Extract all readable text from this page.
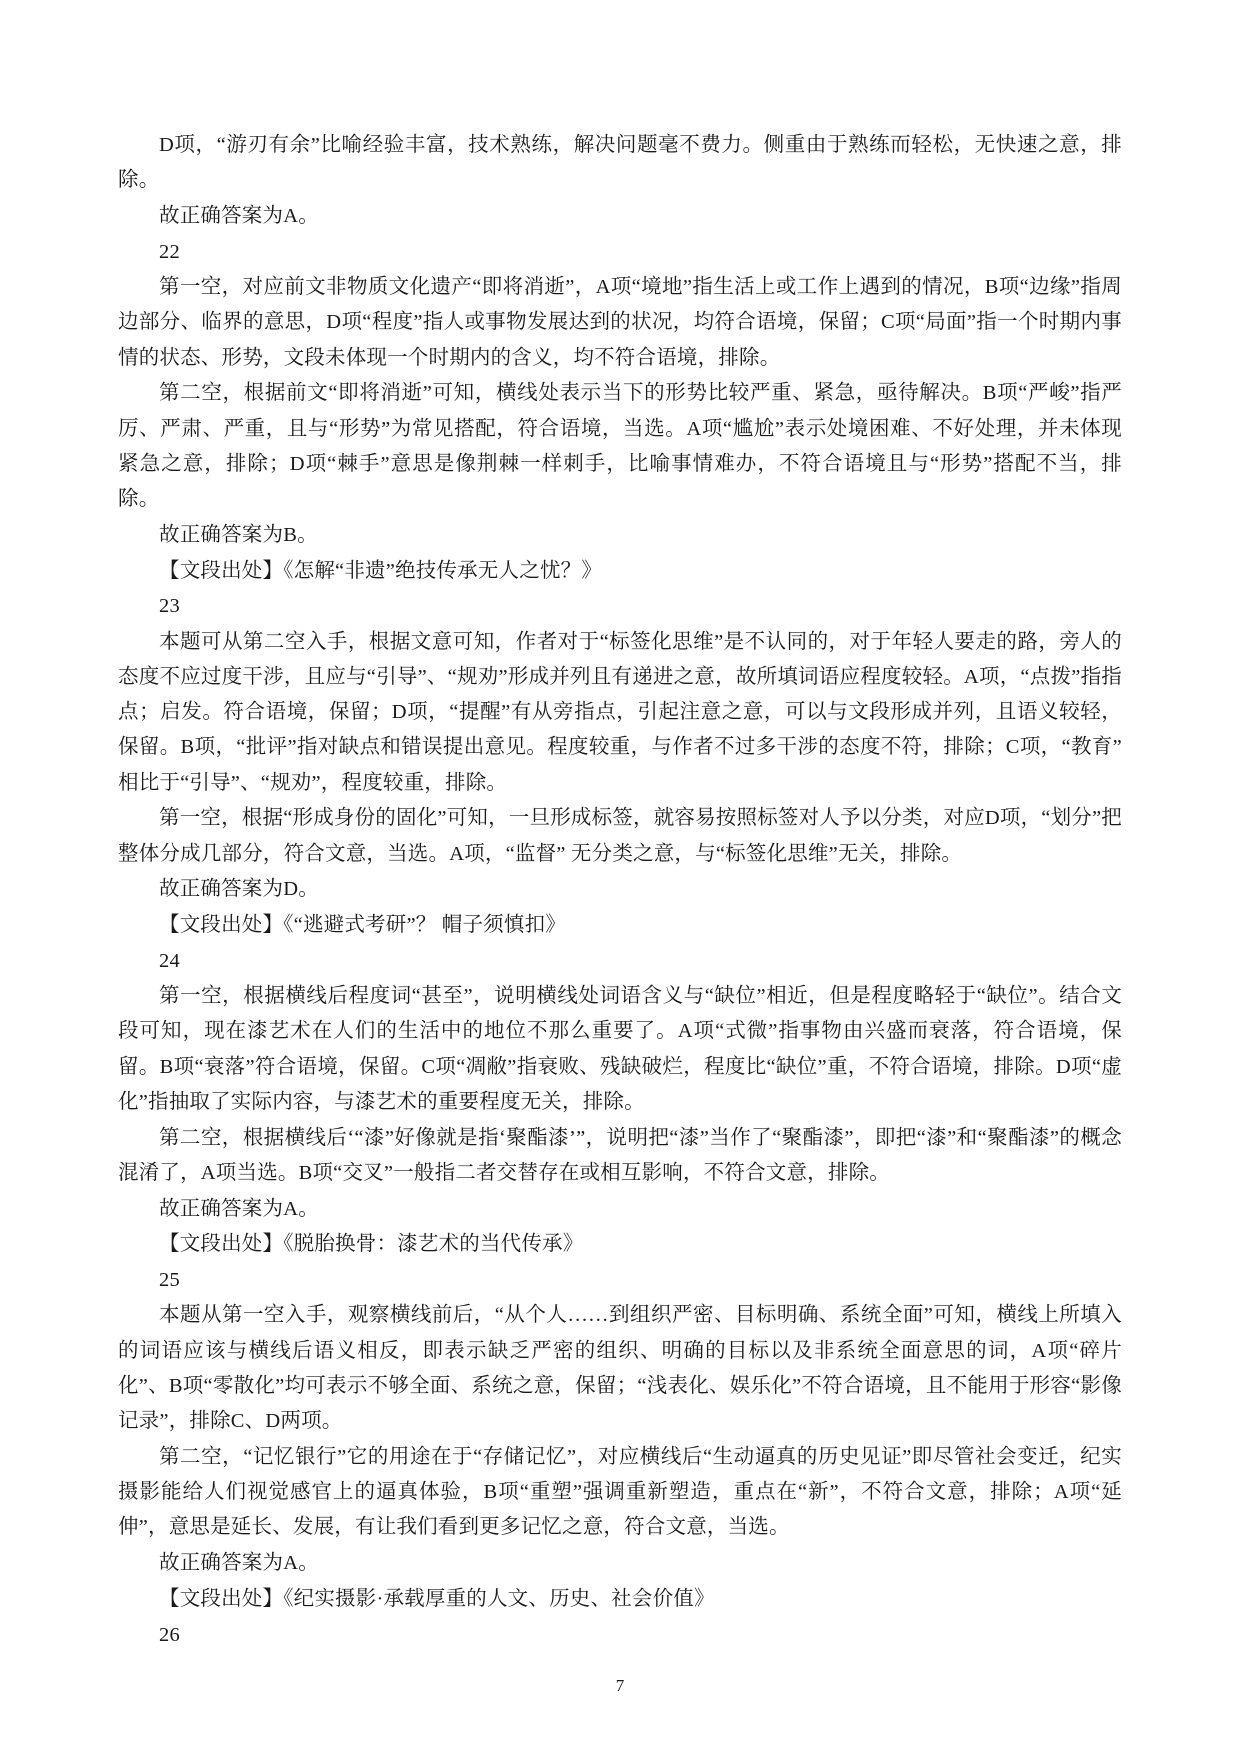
D项，“游刃有余”比喻经验丰富，技术熟练，解决问题毫不费力。侧重由于熟练而轻松，无快速之意，排除。

故正确答案为A。

22

第一空，对应前文非物质文化遗产“即将消逝”，A项“境地”指生活上或工作上遇到的情况，B项“边缘”指周边部分、临界的意思，D项“程度”指人或事物发展达到的状况，均符合语境，保留；C项“局面”指一个时期内事情的状态、形势，文段未体现一个时期内的含义，均不符合语境，排除。

第二空，根据前文“即将消逝”可知，横线处表示当下的形势比较严重、紧急，亟待解决。B项“严峻”指严厉、严肃、严重，且与“形势”为常见搭配，符合语境，当选。A项“尴尬”表示处境困难、不好处理，并未体现紧急之意，排除；D项“棘手”意思是像荆棘一样刺手，比喻事情难办，不符合语境且与“形势”搭配不当，排除。

故正确答案为B。

【文段出处】《怎解“非遗”绝技传承无人之忧？》

23

本题可从第二空入手，根据文意可知，作者对于“标签化思维”是不认同的，对于年轻人要走的路，旁人的态度不应过度干涉，且应与“引导”、“规劝”形成并列且有递进之意，故所填词语应程度较轻。A项，“点拨”指指点；启发。符合语境，保留；D项，“提醒”有从旁指点，引起注意之意，可以与文段形成并列，且语义较轻，保留。B项，“批评”指对缺点和错误提出意见。程度较重，与作者不过多干涉的态度不符，排除；C项，“教育”相比于“引导”、“规劝”，程度较重，排除。

第一空，根据“形成身份的固化”可知，一旦形成标签，就容易按照标签对人予以分类，对应D项，“划分”把整体分成几部分，符合文意，当选。A项，“监督” 无分类之意，与“标签化思维”无关，排除。

故正确答案为D。

【文段出处】《“逃避式考研”？ 帽子须慎扣》

24

第一空，根据横线后程度词“甚至”，说明横线处词语含义与“缺位”相近，但是程度略轻于“缺位”。结合文段可知，现在漆艺术在人们的生活中的地位不那么重要了。A项“式微”指事物由兴盛而衰落，符合语境，保留。B项“衰落”符合语境，保留。C项“凋敝”指衰败、残缺破烂，程度比“缺位”重，不符合语境，排除。D项“虚化”指抽取了实际内容，与漆艺术的重要程度无关，排除。

第二空，根据横线后‘“漆”好像就是指‘聚酯漆’”，说明把“漆”当作了“聚酯漆”，即把“漆”和“聚酯漆”的概念混淆了，A项当选。B项“交叉”一般指二者交替存在或相互影响，不符合文意，排除。

故正确答案为A。

【文段出处】《脱胎换骨：漆艺术的当代传承》

25

本题从第一空入手，观察横线前后，“从个人……到组织严密、目标明确、系统全面”可知，横线上所填入的词语应该与横线后语义相反，即表示缺乏严密的组织、明确的目标以及非系统全面意思的词，A项“碎片化”、B项“零散化”均可表示不够全面、系统之意，保留；“浅表化、娱乐化”不符合语境，且不能用于形容“影像记录”，排除C、D两项。

第二空，“记忆银行”它的用途在于“存储记忆”，对应横线后“生动逼真的历史见证”即尽管社会变迁，纪实摄影能给人们视觉感官上的逼真体验，B项“重塑”强调重新塑造，重点在“新”，不符合文意，排除；A项“延伸”，意思是延长、发展，有让我们看到更多记忆之意，符合文意，当选。

故正确答案为A。

【文段出处】《纪实摄影·承载厚重的人文、历史、社会价值》

26

7
